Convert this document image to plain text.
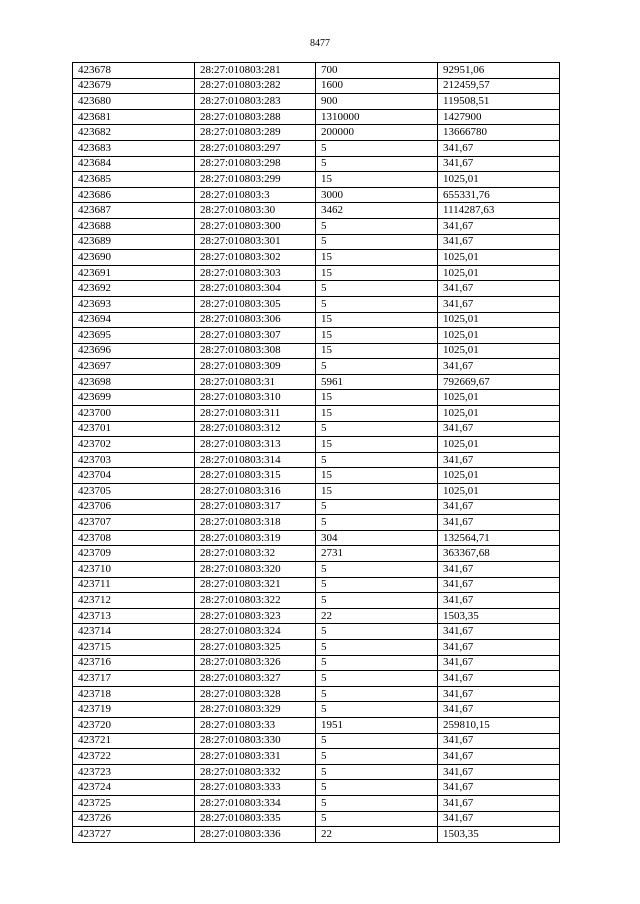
8477
423678	28:27:010803:281	700	92951,06
423679	28:27:010803:282	1600	212459,57
423680	28:27:010803:283	900	119508,51
423681	28:27:010803:288	1310000	1427900
423682	28:27:010803:289	200000	13666780
423683	28:27:010803:297	5	341,67
423684	28:27:010803:298	5	341,67
423685	28:27:010803:299	15	1025,01
423686	28:27:010803:3	3000	655331,76
423687	28:27:010803:30	3462	1114287,63
423688	28:27:010803:300	5	341,67
423689	28:27:010803:301	5	341,67
423690	28:27:010803:302	15	1025,01
423691	28:27:010803:303	15	1025,01
423692	28:27:010803:304	5	341,67
423693	28:27:010803:305	5	341,67
423694	28:27:010803:306	15	1025,01
423695	28:27:010803:307	15	1025,01
423696	28:27:010803:308	15	1025,01
423697	28:27:010803:309	5	341,67
423698	28:27:010803:31	5961	792669,67
423699	28:27:010803:310	15	1025,01
423700	28:27:010803:311	15	1025,01
423701	28:27:010803:312	5	341,67
423702	28:27:010803:313	15	1025,01
423703	28:27:010803:314	5	341,67
423704	28:27:010803:315	15	1025,01
423705	28:27:010803:316	15	1025,01
423706	28:27:010803:317	5	341,67
423707	28:27:010803:318	5	341,67
423708	28:27:010803:319	304	132564,71
423709	28:27:010803:32	2731	363367,68
423710	28:27:010803:320	5	341,67
423711	28:27:010803:321	5	341,67
423712	28:27:010803:322	5	341,67
423713	28:27:010803:323	22	1503,35
423714	28:27:010803:324	5	341,67
423715	28:27:010803:325	5	341,67
423716	28:27:010803:326	5	341,67
423717	28:27:010803:327	5	341,67
423718	28:27:010803:328	5	341,67
423719	28:27:010803:329	5	341,67
423720	28:27:010803:33	1951	259810,15
423721	28:27:010803:330	5	341,67
423722	28:27:010803:331	5	341,67
423723	28:27:010803:332	5	341,67
423724	28:27:010803:333	5	341,67
423725	28:27:010803:334	5	341,67
423726	28:27:010803:335	5	341,67
423727	28:27:010803:336	22	1503,35
